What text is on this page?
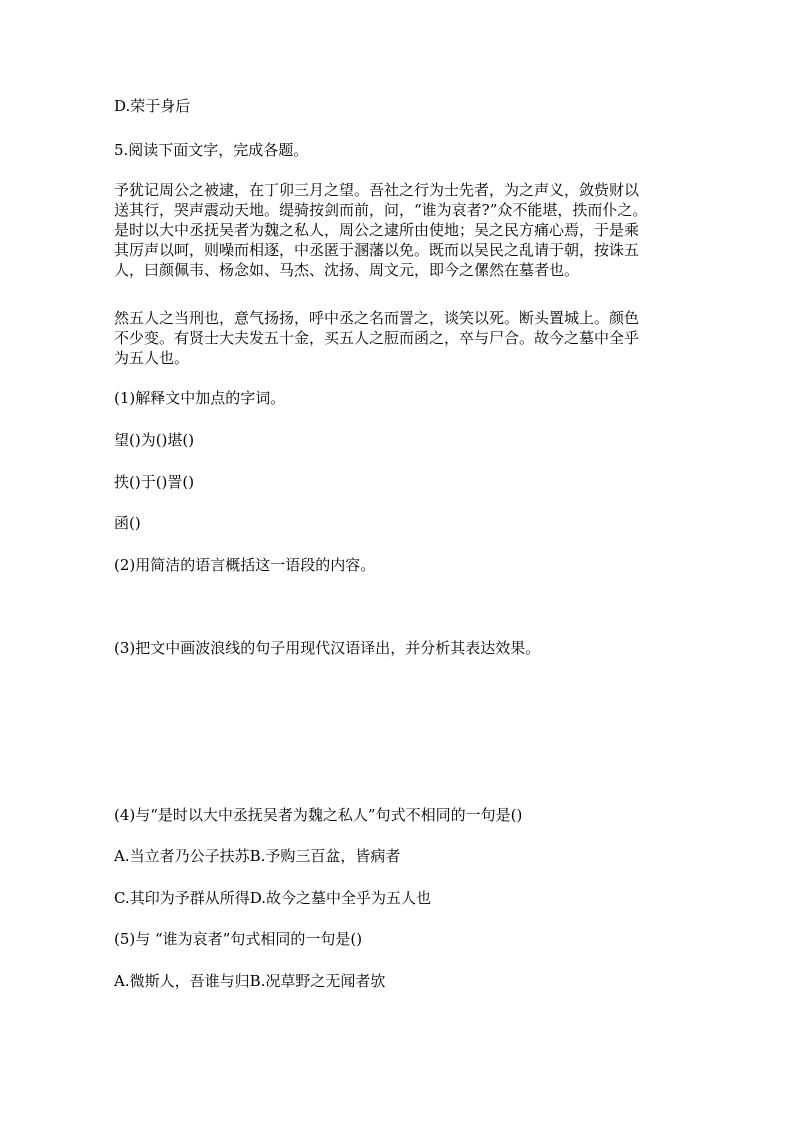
D.荣于身后

5.阅读下面文字，完成各题。

予犹记周公之被逮，在丁卯三月之望。吾社之行为士先者，为之声义，敛赀财以
送其行，哭声震动天地。缇骑按剑而前，问，“谁为哀者?”众不能堪，抶而仆之。
是时以大中丞抚吴者为魏之私人，周公之逮所由使地；吴之民方痛心焉，于是乘
其厉声以呵，则噪而相逐，中丞匿于溷藩以免。既而以吴民之乱请于朝，按诛五
人，曰颜佩韦、杨念如、马杰、沈扬、周文元，即今之傫然在墓者也。
然五人之当刑也，意气扬扬，呼中丞之名而詈之，谈笑以死。断头置城上。颜色
不少变。有贤士大夫发五十金，买五人之脰而函之，卒与尸合。故今之墓中全乎
为五人也。

(1)解释文中加点的字词。

望()为()堪()

抶()于()詈()

函()

(2)用简洁的语言概括这一语段的内容。

(3)把文中画波浪线的句子用现代汉语译出，并分析其表达效果。

(4)与“是时以大中丞抚吴者为魏之私人”句式不相同的一句是()

A.当立者乃公子扶苏B.予购三百盆，皆病者

C.其印为予群从所得D.故今之墓中全乎为五人也

(5)与 “谁为哀者”句式相同的一句是()

A.微斯人，吾谁与归B.况草野之无闻者欤
